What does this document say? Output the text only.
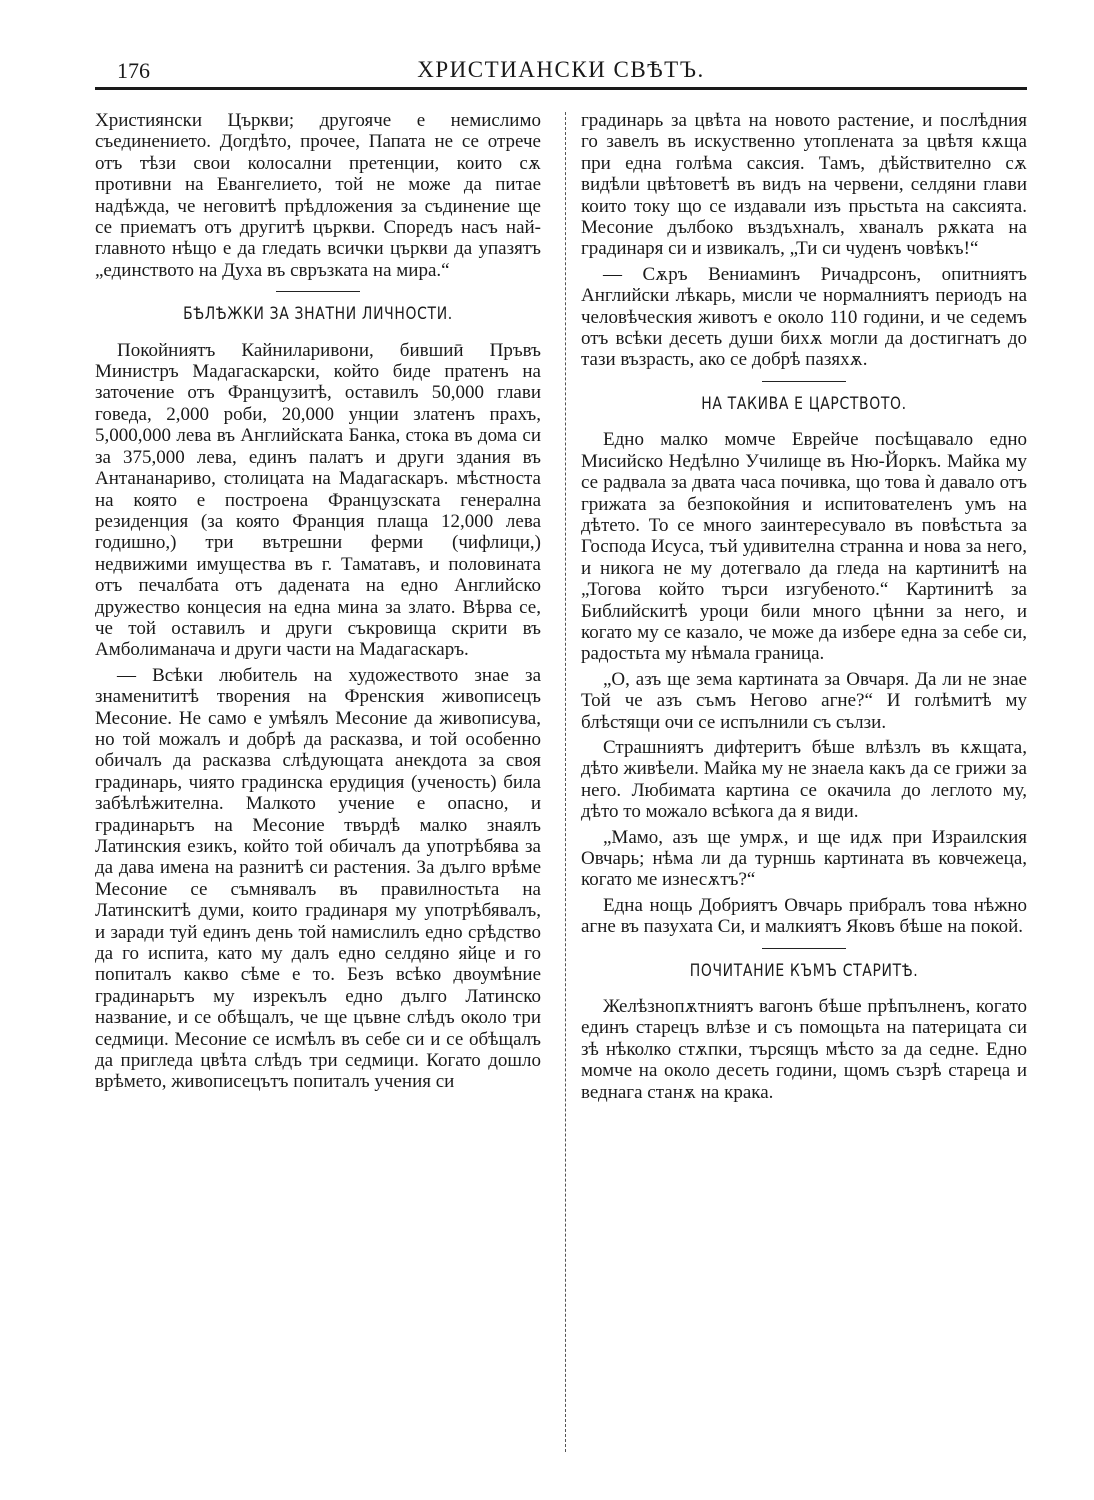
176	ХРИСТИАНСКИ СВѢТЪ.

Християнски Църкви; другояче е немислимо съединението. Догдѣто, прочее, Папата не се отрече отъ тѣзи свои колосални претенции, които сѫ противни на Евангелието, той не може да питае надѣжда, че неговитѣ прѣдложения за съдинение ще се приематъ отъ другитѣ църкви. Споредъ насъ най-главното нѣщо е да гледать всички църкви да упазятъ „единството на Духа въ свръзката на мира.“

БѢЛѢЖКИ ЗА ЗНАТНИ ЛИЧНОСТИ.

Покойниятъ Кайниларивони, бившиӣ Пръвъ Министръ Мадагаскарски, който биде пратенъ на заточение отъ Французитѣ, оставилъ 50,000 глави говеда, 2,000 роби, 20,000 унции златенъ прахъ, 5,000,000 лева въ Английската Банка, стока въ дома си за 375,000 лева, единъ палатъ и други здания въ Антананариво, столицата на Мадагаскаръ. мѣстноста на която е построена Французската генерална резиденция (за която Франция плаща 12,000 лева годишно,) три вътрешни ферми (чифлици,) недвижими имущества въ г. Таматавъ, и половината отъ печалбата отъ дадената на едно Английско дружество концесия на една мина за злато. Вѣрва се, че той оставилъ и други съкровища скрити въ Амболиманача и други части на Мадагаскаръ.

— Всѣки любитель на художеството знае за знаменититѣ творения на Френския живописецъ Месоние. Не само е умѣялъ Месоние да живописува, но той можалъ и добрѣ да расказва, и той особенно обичалъ да расказва слѣдующата анекдота за своя градинарь, чиято градинска ерудиция (ученость) била забѣлѣжителна. Малкото учение е опасно, и градинарьтъ на Месоние твърдѣ малко знаялъ Латинския езикъ, който той обичалъ да употрѣбява за да дава имена на разнитѣ си растения. За дълго врѣме Месоние се съмнявалъ въ правилностьта на Латинскитѣ думи, които градинаря му употрѣбявалъ, и заради туй единъ день той намислилъ едно срѣдство да го испита, като му далъ едно селдяно яйце и го попиталъ какво сѣме е то. Безъ всѣко двоумѣние градинарьтъ му изрекълъ едно дълго Латинско название, и се обѣщалъ, че ще цъвне слѣдъ около три седмици. Месоние се исмѣлъ въ себе си и се обѣщалъ да пригледа цвѣта слѣдъ три седмици. Когато дошло врѣмето, живописецътъ попиталъ учения си

градинарь за цвѣта на новото растение, и послѣдния го завелъ въ искуственно утоплената за цвѣтя кѫща при една голѣма саксия. Тамъ, дѣйствително сѫ видѣли цвѣтоветѣ въ видъ на червени, селдяни глави които току що се издавали изъ прьстьта на саксията. Месоние дълбоко въздъхналъ, хваналъ рѫката на градинаря си и извикалъ, „Ти си чуденъ човѣкъ!“

— Сѫръ Вениаминъ Ричадрсонъ, опитниятъ Английски лѣкарь, мисли че нормалниятъ периодъ на человѣческия животъ е около 110 години, и че седемъ отъ всѣки десеть души бихѫ могли да достигнатъ до тази възрасть, ако се добрѣ пазяхѫ.

НА ТАКИВА Е ЦАРСТВОТО.

Едно малко момче Еврейче посѣщавало едно Мисийско Недѣлно Училище въ Ню-Йоркъ. Майка му се радвала за двата часа почивка, що това ѝ давало отъ грижата за безпокойния и испитователенъ умъ на дѣтето. То се много заинтересувало въ повѣстьта за Господа Исуса, тъй удивителна странна и нова за него, и никога не му дотегвало да гледа на картинитѣ на „Тогова който търси изгубеното.“ Картинитѣ за Библийскитѣ уроци били много цѣнни за него, и когато му се казало, че може да избере една за себе си, радостьта му нѣмала граница.

„О, азъ ще зема картината за Овчаря. Да ли не знае Той че азъ съмъ Негово агне?“ И голѣмитѣ му блѣстящи очи се испълнили съ сълзи.

Страшниятъ дифтеритъ бѣше влѣзлъ въ кѫщата, дѣто живѣели. Майка му не знаела какъ да се грижи за него. Любимата картина се окачила до леглото му, дѣто то можало всѣкога да я види.

„Мамо, азъ ще умрѫ, и ще идѫ при Израилския Овчарь; нѣма ли да турншь картината въ ковчежеца, когато ме изнесѫтъ?“

Една нощь Добриятъ Овчарь прибралъ това нѣжно агне въ пазухата Си, и малкиятъ Яковъ бѣше на покой.

ПОЧИТАНИЕ КЪМЪ СТАРИТѢ.

Желѣзнопѫтниятъ вагонъ бѣше прѣпълненъ, когато единъ старецъ влѣзе и съ помощьта на патерицата си зѣ нѣколко стѫпки, търсящъ мѣсто за да седне. Едно момче на около десеть години, щомъ съзрѣ стареца и веднага станѫ на крака.
